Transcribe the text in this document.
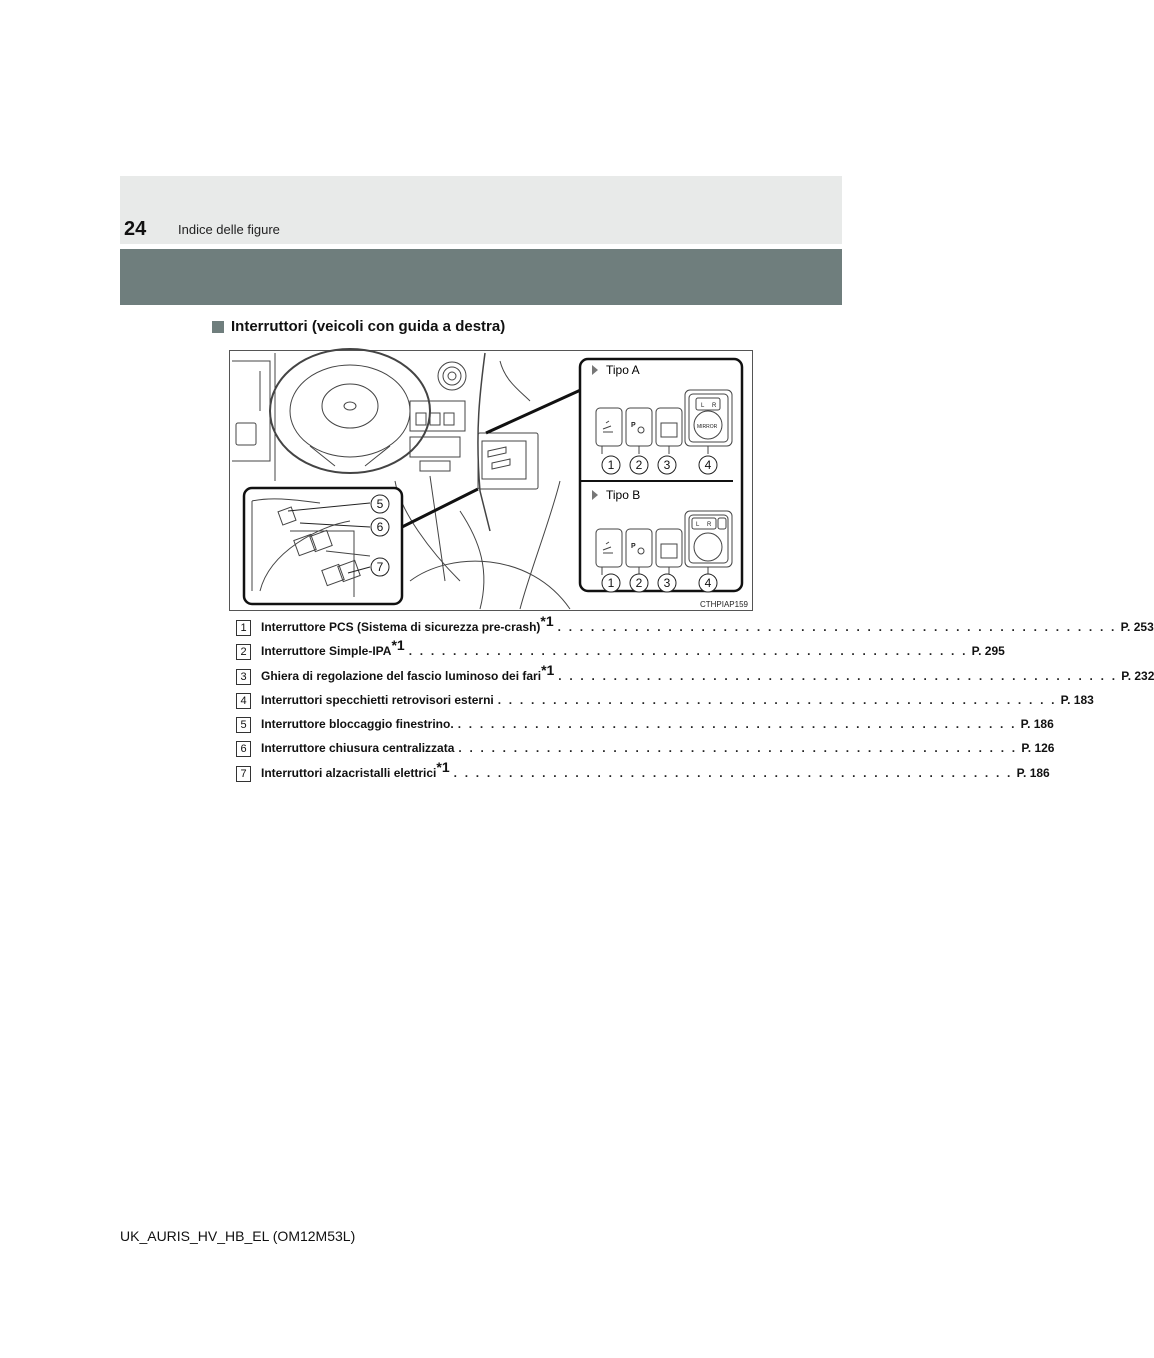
24 Indice delle figure
Interruttori (veicoli con guida a destra)
Tipo A
Tipo B
L R
MIRROR
P
1 2 3	4
L R
P
1 2 3	4
5
6
7
CTHPIAP159
1	Interruttore PCS (Sistema di sicurezza pre-crash)$^{*1}$ . . . . . . . . . . . . . . . . . . . . . . . . . . . . . . . . . . . . . . . . . . . . . . . . . . . P. 253
2	Interruttore Simple-IPA$^{*1}$ . . . . . . . . . . . . . . . . . . . . . . . . . . . . . . . . . . . . . . . . . . . . . . . . . . . P. 295
3	Ghiera di regolazione del fascio luminoso dei fari$^{*1}$ . . . . . . . . . . . . . . . . . . . . . . . . . . . . . . . . . . . . . . . . . . . . . . . . . . . P. 232
4	Interruttori specchietti retrovisori esterni . . . . . . . . . . . . . . . . . . . . . . . . . . . . . . . . . . . . . . . . . . . . . . . . . . . P. 183
5	Interruttore bloccaggio finestrino. . . . . . . . . . . . . . . . . . . . . . . . . . . . . . . . . . . . . . . . . . . . . . . . . . . . P. 186
6	Interruttore chiusura centralizzata . . . . . . . . . . . . . . . . . . . . . . . . . . . . . . . . . . . . . . . . . . . . . . . . . . . P. 126
7	Interruttori alzacristalli elettrici$^{*1}$ . . . . . . . . . . . . . . . . . . . . . . . . . . . . . . . . . . . . . . . . . . . . . . . . . . . P. 186
UK_AURIS_HV_HB_EL (OM12M53L)
